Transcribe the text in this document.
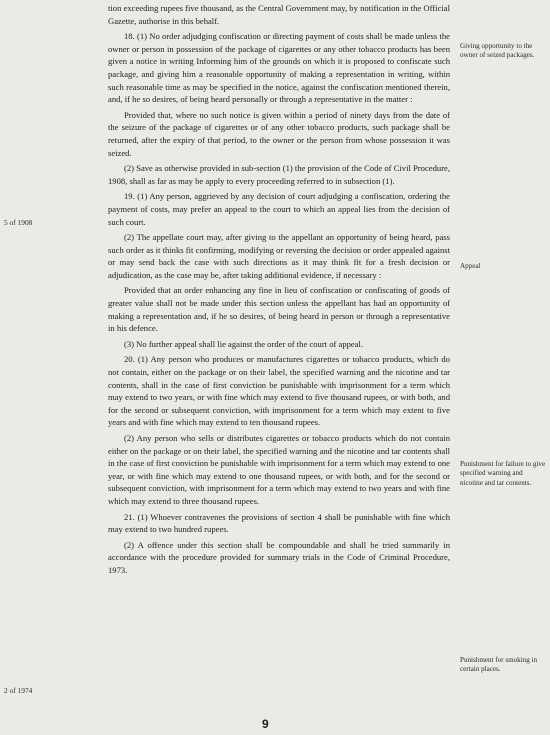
tion exceeding rupees five thousand, as the Central Government may, by notification in the Official Gazette, authorise in this behalf.

18. (1) No order adjudging confiscation or directing payment of costs shall be made unless the owner or person in possession of the package of cigarettes or any other tobacco products has been given a notice in writing Informing him of the grounds on which it is proposed to confiscate such package, and giving him a reasonable opportunity of making a representation in writing, within such reasonable time as may be specified in the notice, against the confiscation mentioned therein, and, if he so desires, of being heard personally or through a representative in the matter :

Provided that, where no such notice is given within a period of ninety days from the date of the seizure of the package of cigarettes or of any other tobacco products, such package shall be returned, after the expiry of that period, to the owner or the person from whose possession it was seized.

(2) Save as otherwise provided in sub-section (1) the provision of the Code of Civil Procedure, 1908, shall as far as may be apply to every proceeding referred to in subsection (1).

19. (1) Any person, aggrieved by any decision of court adjudging a confiscation, ordering the payment of costs, may prefer an appeal to the court to which an appeal lies from the decision of such court.

(2) The appellate court may, after giving to the appellant an opportunity of being heard, pass such order as it thinks fit confirming, modifying or reversing the decision or order appealed against or may send back the case with such directions as it may think fit for a fresh decision or adjudication, as the case may be, after taking additional evidence, if necessary :

Provided that an order enhancing any fine in lieu of confiscation or confiscating of goods of greater value shall not be made under this section unless the appellant has had an opportunity of making a representation and, if he so desires, of being heard in person or through a representative in his defence.

(3) No further appeal shall lie against the order of the court of appeal.

20. (1) Any person who produces or manufactures cigarettes or tobacco products, which do not contain, either on the package or on their label, the specified warning and the nicotine and tar contents, shall in the case of first conviction be punishable with imprisonment for a term which may extend to two years, or with fine which may extend to five thousand rupees, or with both, and for the second or subsequent conviction, with imprisonment for a term which may extent to five years and with fine which may extend to ten thousand rupees.

(2) Any person who sells or distributes cigarettes or tobacco products which do not contain either on the package or on their label, the specified warning and the nicotine and tar contents shall in the case of first conviction be punishable with imprisonment for a term which may extend to one year, or with fine which may extend to one thousand rupees, or with both, and for the second or subsequent conviction, with imprisonment for a term which may extend to two years and with fine which may extend to three thousand rupees.

21. (1) Whoever contravenes the provisions of section 4 shall be punishable with fine which may extend to two hundred rupees.

(2) A offence under this section shall be compoundable and shall be tried summarily in accordance with the procedure provided for summary trials in the Code of Criminal Procedure, 1973.

Giving opportunity to the owner of seized packages.
Appeal
Punishment for failure to give specified warning and nicotine and tar contents.
Punishment for smoking in certain places.
5 of 1908
2 of 1974
9
